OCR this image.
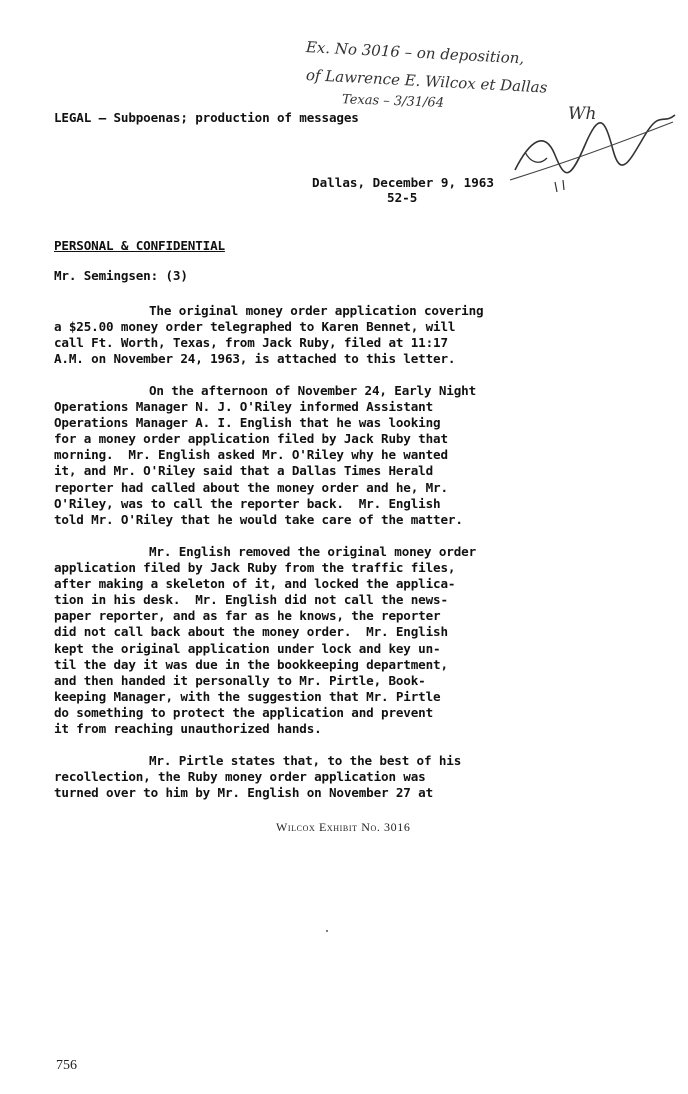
Ex. No 3016 – on deposition,
of Lawrence E. Wilcox et Dallas
Texas – 3/31/64
Wh
LEGAL – Subpoenas; production of messages
Dallas, December 9, 1963
52-5
PERSONAL & CONFIDENTIAL
Mr. Semingsen: (3)
The original money order application covering
a $25.00 money order telegraphed to Karen Bennet, will
call Ft. Worth, Texas, from Jack Ruby, filed at 11:17
A.M. on November 24, 1963, is attached to this letter.
On the afternoon of November 24, Early Night
Operations Manager N. J. O'Riley informed Assistant
Operations Manager A. I. English that he was looking
for a money order application filed by Jack Ruby that
morning.  Mr. English asked Mr. O'Riley why he wanted
it, and Mr. O'Riley said that a Dallas Times Herald
reporter had called about the money order and he, Mr.
O'Riley, was to call the reporter back.  Mr. English
told Mr. O'Riley that he would take care of the matter.
Mr. English removed the original money order
application filed by Jack Ruby from the traffic files,
after making a skeleton of it, and locked the applica-
tion in his desk.  Mr. English did not call the news-
paper reporter, and as far as he knows, the reporter
did not call back about the money order.  Mr. English
kept the original application under lock and key un-
til the day it was due in the bookkeeping department,
and then handed it personally to Mr. Pirtle, Book-
keeping Manager, with the suggestion that Mr. Pirtle
do something to protect the application and prevent
it from reaching unauthorized hands.
Mr. Pirtle states that, to the best of his
recollection, the Ruby money order application was
turned over to him by Mr. English on November 27 at
Wilcox Exhibit No. 3016
756
